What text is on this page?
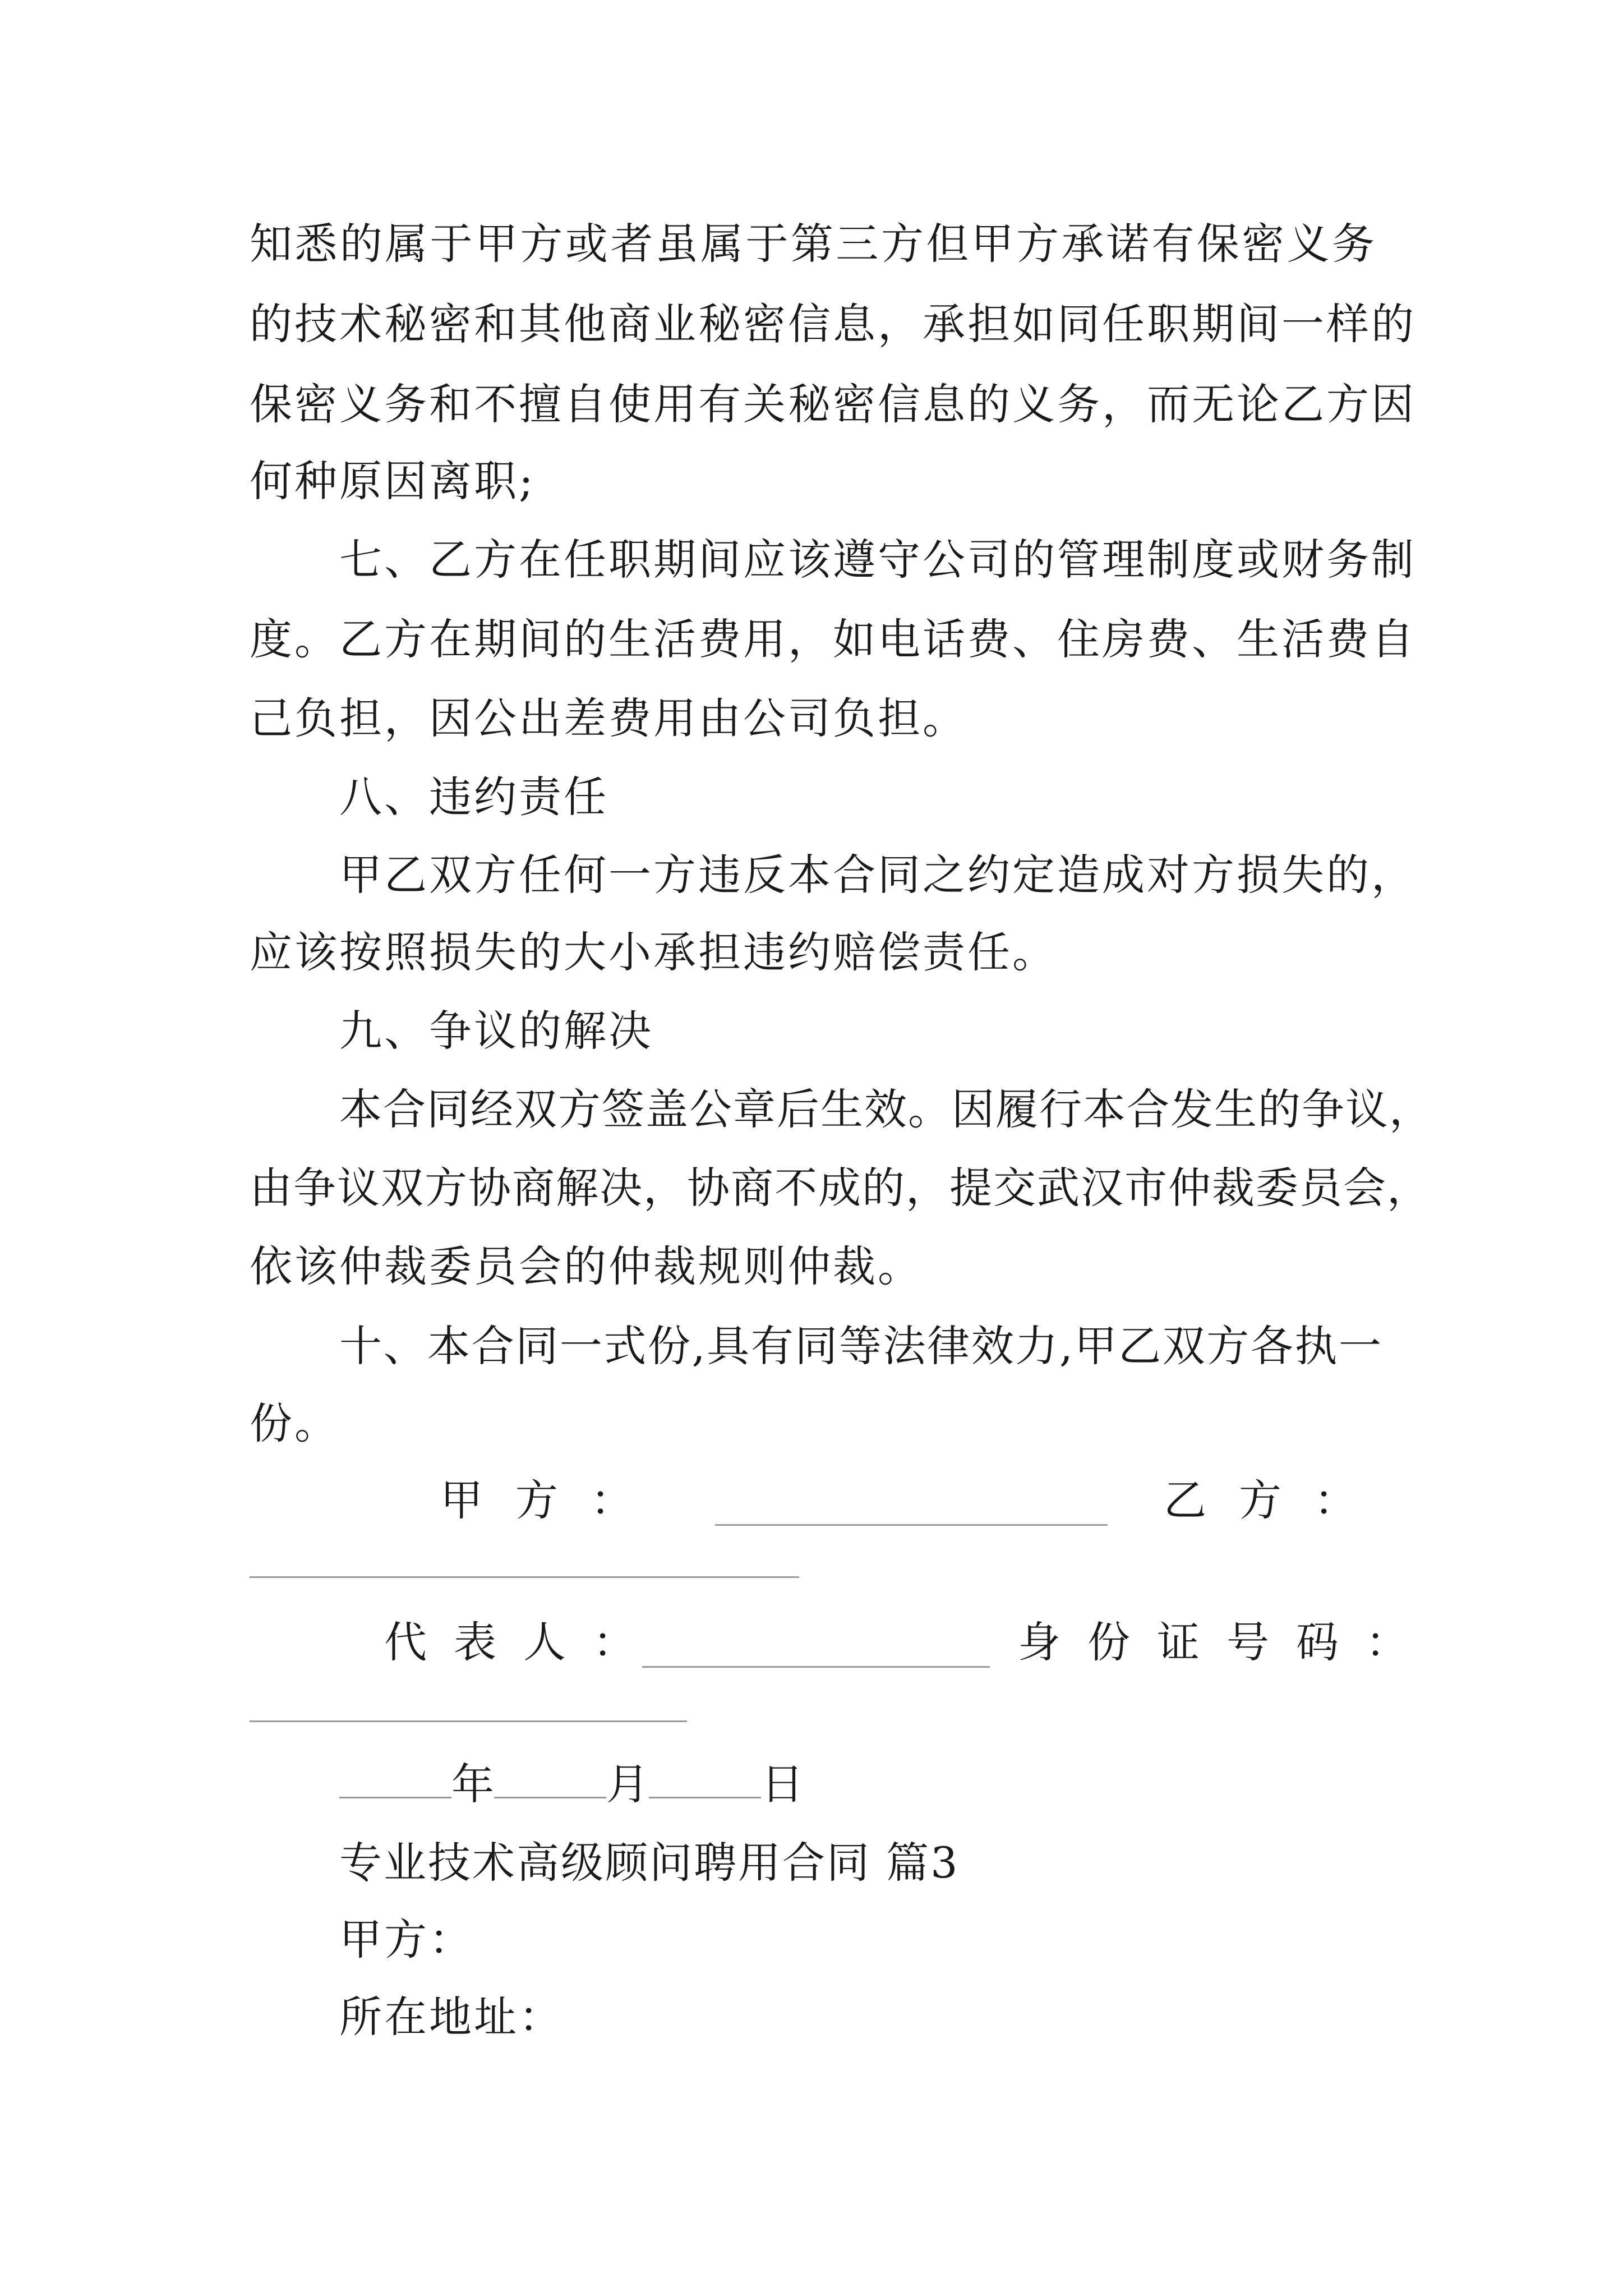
知悉的属于甲方或者虽属于第三方但甲方承诺有保密义务
的技术秘密和其他商业秘密信息，承担如同任职期间一样的
保密义务和不擅自使用有关秘密信息的义务，而无论乙方因
何种原因离职;
七、乙方在任职期间应该遵守公司的管理制度或财务制
度。乙方在期间的生活费用，如电话费、住房费、生活费自
己负担，因公出差费用由公司负担。
八、违约责任
甲乙双方任何一方违反本合同之约定造成对方损失的，
应该按照损失的大小承担违约赔偿责任。
九、争议的解决
本合同经双方签盖公章后生效。因履行本合发生的争议，
由争议双方协商解决，协商不成的，提交武汉市仲裁委员会，
依该仲裁委员会的仲裁规则仲裁。
十、本合同一式份,具有同等法律效力,甲乙双方各执一
份。
甲方：	乙方：
代表人：	身份证号码：
年	月	日
专业技术高级顾问聘用合同 篇3
甲方：
所在地址：
